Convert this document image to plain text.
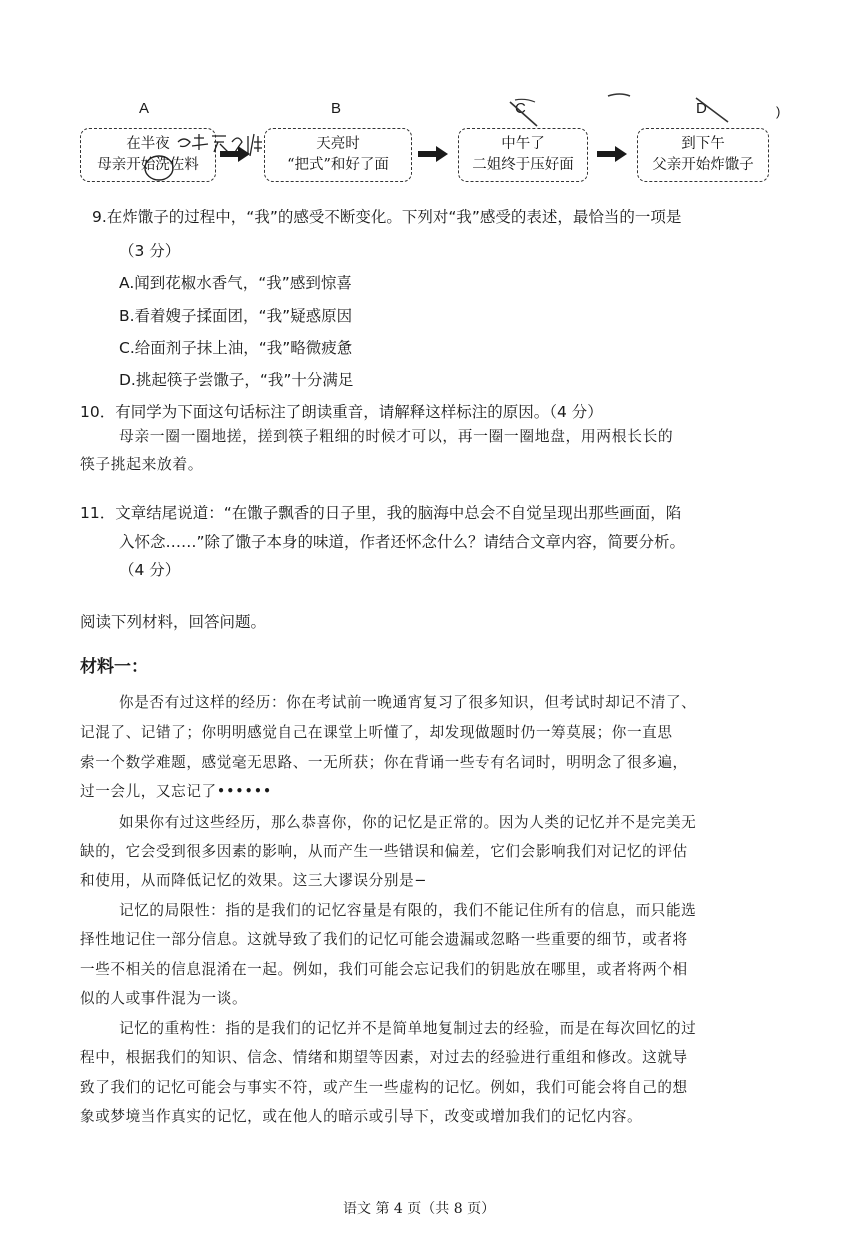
A	B	C	D	)
在半夜
母亲开始洗佐料
天亮时
“把式”和好了面
中午了
二姐终于压好面
到下午
父亲开始炸馓子
9.在炸馓子的过程中，“我”的感受不断变化。下列对“我”感受的表述，最恰当的一项是
（3 分）
A.闻到花椒水香气，“我”感到惊喜
B.看着嫂子揉面团，“我”疑惑原因
C.给面剂子抹上油，“我”略微疲惫
D.挑起筷子尝馓子，“我”十分满足
10．有同学为下面这句话标注了朗读重音，请解释这样标注的原因。（4 分）
母亲一圈一圈地搓，搓到筷子粗细的时候才可以，再一圈一圈地盘，用两根长长的
筷子挑起来放着。
11．文章结尾说道：“在馓子飘香的日子里，我的脑海中总会不自觉呈现出那些画面，陷
入怀念……”除了馓子本身的味道，作者还怀念什么？请结合文章内容，简要分析。
（4 分）
阅读下列材料，回答问题。
材料一：
你是否有过这样的经历：你在考试前一晚通宵复习了很多知识，但考试时却记不清了、
记混了、记错了；你明明感觉自己在课堂上听懂了，却发现做题时仍一筹莫展；你一直思
索一个数学难题，感觉毫无思路、一无所获；你在背诵一些专有名词时，明明念了很多遍，
过一会儿，又忘记了••••••
如果你有过这些经历，那么恭喜你，你的记忆是正常的。因为人类的记忆并不是完美无
缺的，它会受到很多因素的影响，从而产生一些错误和偏差，它们会影响我们对记忆的评估
和使用，从而降低记忆的效果。这三大谬误分别是−
记忆的局限性：指的是我们的记忆容量是有限的，我们不能记住所有的信息，而只能选
择性地记住一部分信息。这就导致了我们的记忆可能会遗漏或忽略一些重要的细节，或者将
一些不相关的信息混淆在一起。例如，我们可能会忘记我们的钥匙放在哪里，或者将两个相
似的人或事件混为一谈。
记忆的重构性：指的是我们的记忆并不是简单地复制过去的经验，而是在每次回忆的过
程中，根据我们的知识、信念、情绪和期望等因素，对过去的经验进行重组和修改。这就导
致了我们的记忆可能会与事实不符，或产生一些虚构的记忆。例如，我们可能会将自己的想
象或梦境当作真实的记忆，或在他人的暗示或引导下，改变或增加我们的记忆内容。
语文 第 4 页（共 8 页）
